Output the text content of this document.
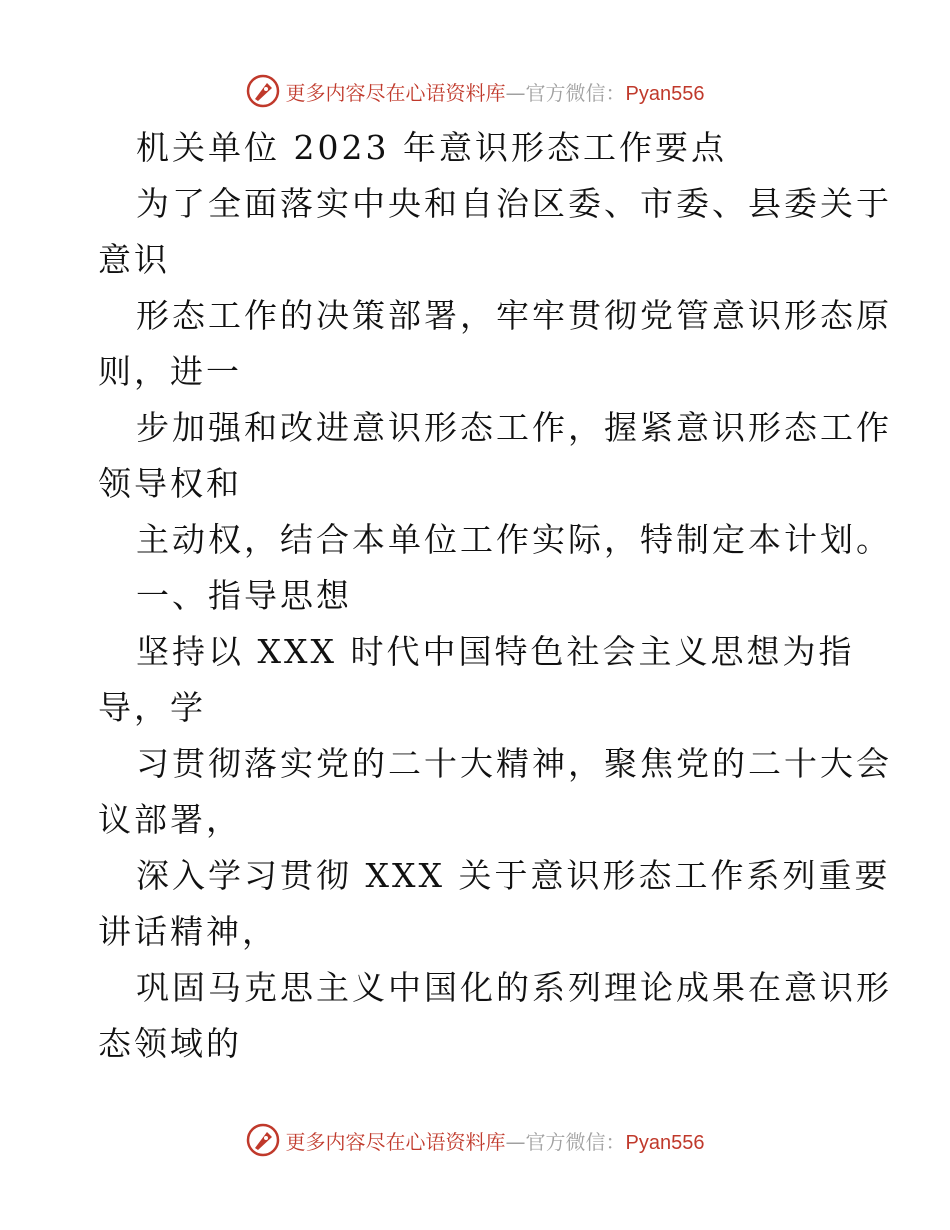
更多内容尽在心语资料库—官方微信：Pyan556
机关单位 2023 年意识形态工作要点
为了全面落实中央和自治区委、市委、县委关于
意识
形态工作的决策部署，牢牢贯彻党管意识形态原
则，进一
步加强和改进意识形态工作，握紧意识形态工作
领导权和
主动权，结合本单位工作实际，特制定本计划。
一、指导思想
坚持以 XXX 时代中国特色社会主义思想为指
导，学
习贯彻落实党的二十大精神，聚焦党的二十大会
议部署，
深入学习贯彻 XXX 关于意识形态工作系列重要
讲话精神，
巩固马克思主义中国化的系列理论成果在意识形
态领域的
更多内容尽在心语资料库—官方微信：Pyan556
